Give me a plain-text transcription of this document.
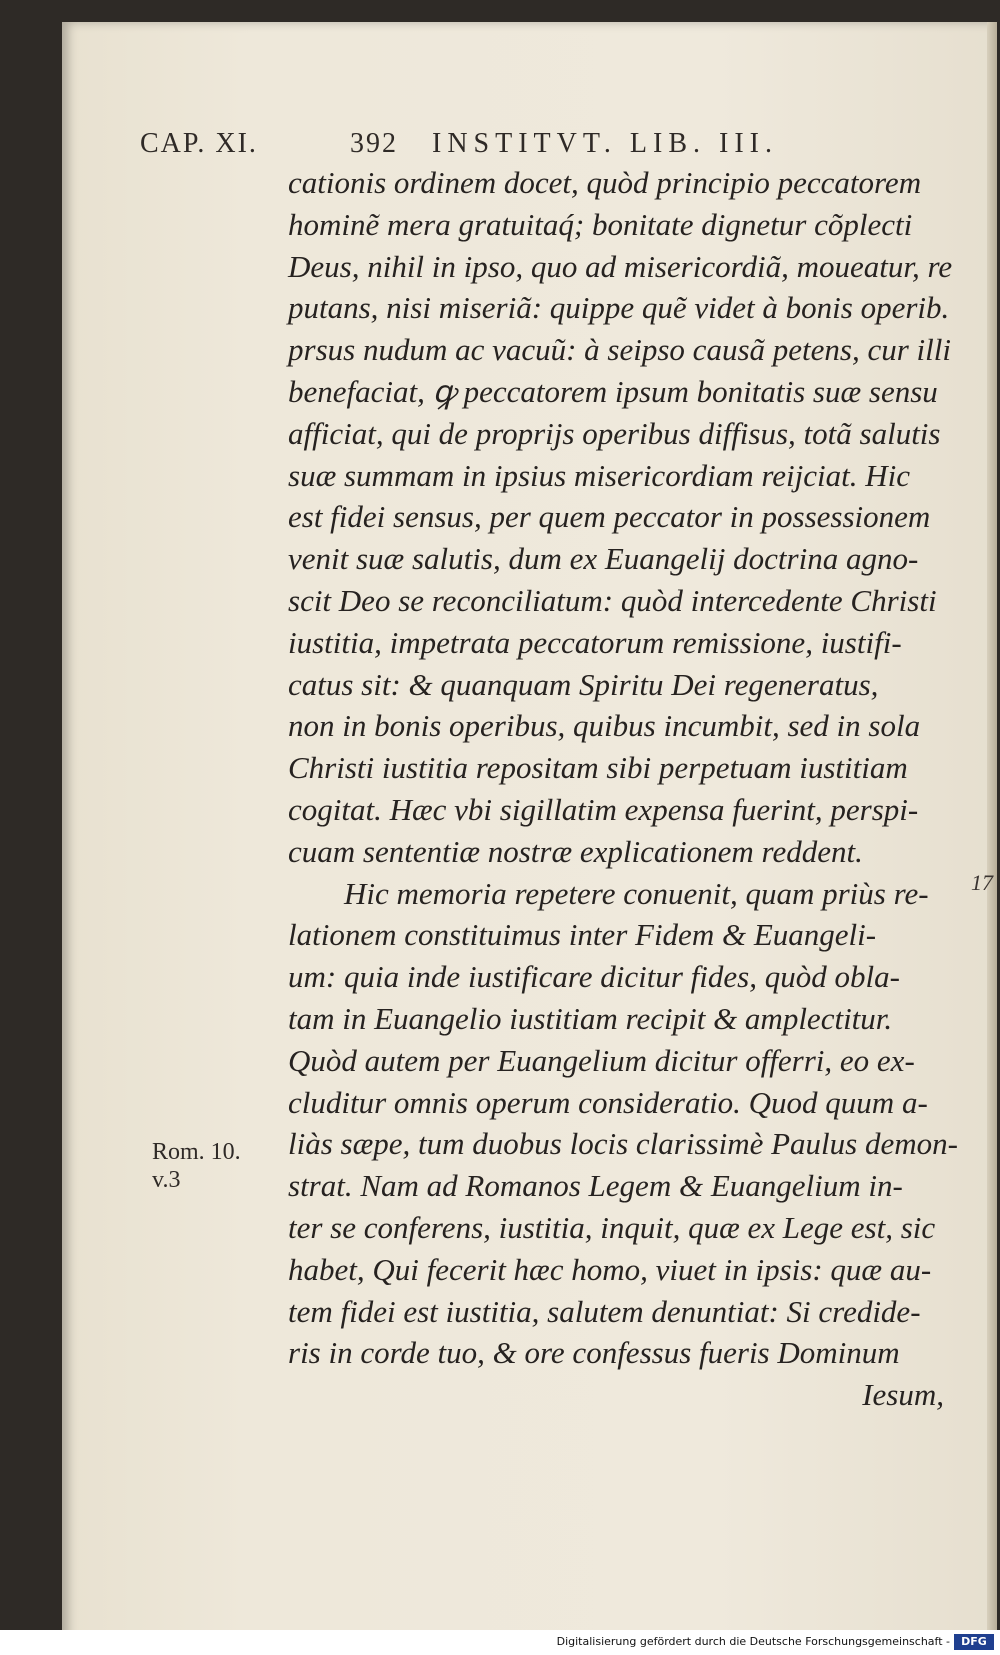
CAP. XI.	392 INSTITVT. LIB. III.
cationis ordinem docet, quòd principio peccatorem
hominẽ mera gratuitaq́; bonitate dignetur cõplecti
Deus, nihil in ipso, quo ad misericordiã, moueatur, re
putans, nisi miseriã: quippe quẽ videt à bonis operib.
prsus nudum ac vacuũ: à seipso causã petens, cur illi
benefaciat, ꝙ peccatorem ipsum bonitatis suæ sensu
afficiat, qui de proprijs operibus diffisus, totã salutis
suæ summam in ipsius misericordiam reijciat. Hic
est fidei sensus, per quem peccator in possessionem
venit suæ salutis, dum ex Euangelij doctrina agno-
scit Deo se reconciliatum: quòd intercedente Christi
iustitia, impetrata peccatorum remissione, iustifi-
catus sit: & quanquam Spiritu Dei regeneratus,
non in bonis operibus, quibus incumbit, sed in sola
Christi iustitia repositam sibi perpetuam iustitiam
cogitat. Hæc vbi sigillatim expensa fuerint, perspi-
cuam sententiæ nostræ explicationem reddent.
Hic memoria repetere conuenit, quam priùs re-
lationem constituimus inter Fidem & Euangeli-
um: quia inde iustificare dicitur fides, quòd obla-
tam in Euangelio iustitiam recipit & amplectitur.
Quòd autem per Euangelium dicitur offerri, eo ex-
cluditur omnis operum consideratio. Quod quum a-
liàs sæpe, tum duobus locis clarissimè Paulus demon-
strat. Nam ad Romanos Legem & Euangelium in-
ter se conferens, iustitia, inquit, quæ ex Lege est, sic
habet, Qui fecerit hæc homo, viuet in ipsis: quæ au-
tem fidei est iustitia, salutem denuntiat: Si credide-
ris in corde tuo, & ore confessus fueris Dominum
Iesum,
Rom. 10.
v.3
17
Digitalisierung gefördert durch die Deutsche Forschungsgemeinschaft -	DFG
